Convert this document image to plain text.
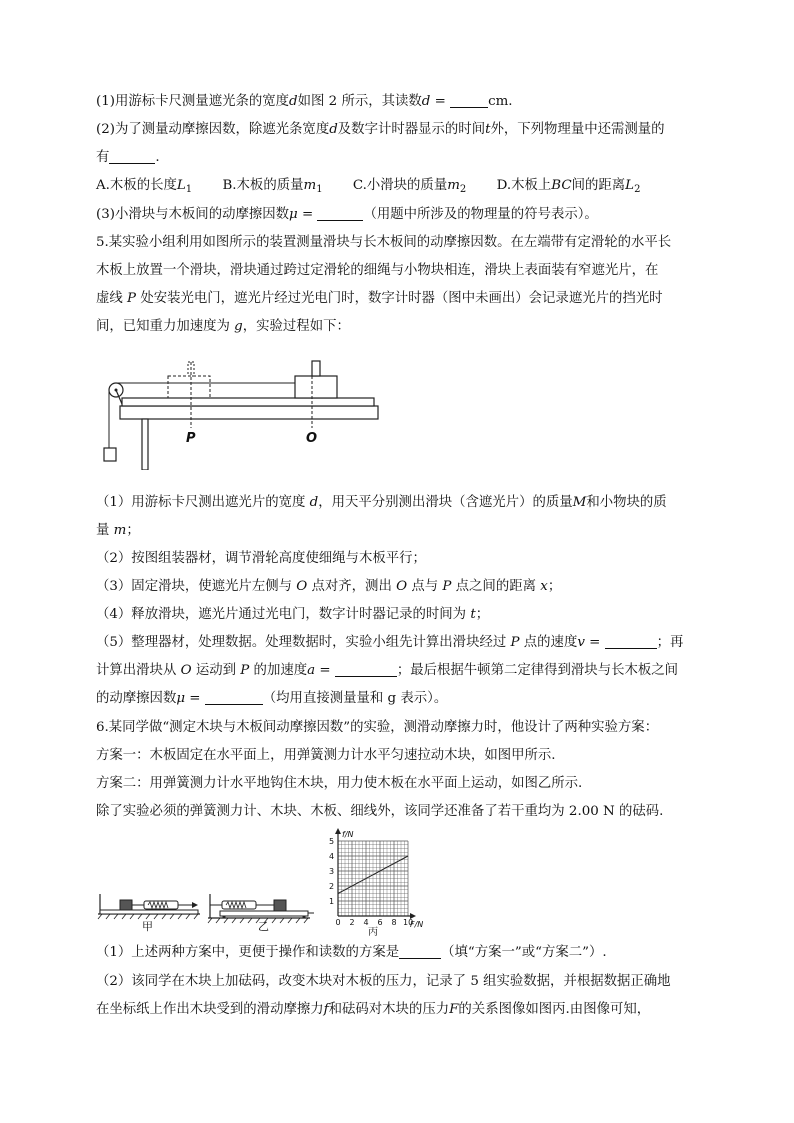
(1)用游标卡尺测量遮光条的宽度d如图 2 所示，其读数d =	cm.
(2)为了测量动摩擦因数，除遮光条宽度d及数字计时器显示的时间t外，下列物理量中还需测量的
有	.
A.木板的长度$L_1$ B.木板的质量$m_1$ C.小滑块的质量$m_2$ D.木板上BC间的距离$L_2$
(3)小滑块与木板间的动摩擦因数μ =	（用题中所涉及的物理量的符号表示）。
5.某实验小组利用如图所示的装置测量滑块与长木板间的动摩擦因数。在左端带有定滑轮的水平长
木板上放置一个滑块，滑块通过跨过定滑轮的细绳与小物块相连，滑块上表面装有窄遮光片，在
虚线 P 处安装光电门，遮光片经过光电门时，数字计时器（图中未画出）会记录遮光片的挡光时
间，已知重力加速度为 g，实验过程如下：
P	O
（1）用游标卡尺测出遮光片的宽度 d，用天平分别测出滑块（含遮光片）的质量M和小物块的质
量 m；
（2）按图组装器材，调节滑轮高度使细绳与木板平行；
（3）固定滑块，使遮光片左侧与 O 点对齐，测出 O 点与 P 点之间的距离 x；
（4）释放滑块，遮光片通过光电门，数字计时器记录的时间为 t；
（5）整理器材，处理数据。处理数据时，实验小组先计算出滑块经过 P 点的速度v =	；再
计算出滑块从 O 运动到 P 的加速度a =	；最后根据牛顿第二定律得到滑块与长木板之间
的动摩擦因数μ =	（均用直接测量量和 g 表示）。
6.某同学做“测定木块与木板间动摩擦因数”的实验，测滑动摩擦力时，他设计了两种实验方案：
方案一：木板固定在水平面上，用弹簧测力计水平匀速拉动木块，如图甲所示.
方案二：用弹簧测力计水平地钩住木块，用力使木板在水平面上运动，如图乙所示.
除了实验必须的弹簧测力计、木块、木板、细线外，该同学还准备了若干重均为 2.00 N 的砝码.
甲	乙
f/N
F/N
0 2 4 6 8 10
1
2
3
4
5
丙
（1）上述两种方案中，更便于操作和读数的方案是	（填“方案一”或“方案二”）.
（2）该同学在木块上加砝码，改变木块对木板的压力，记录了 5 组实验数据，并根据数据正确地
在坐标纸上作出木块受到的滑动摩擦力f和砝码对木块的压力F的关系图像如图丙.由图像可知，
